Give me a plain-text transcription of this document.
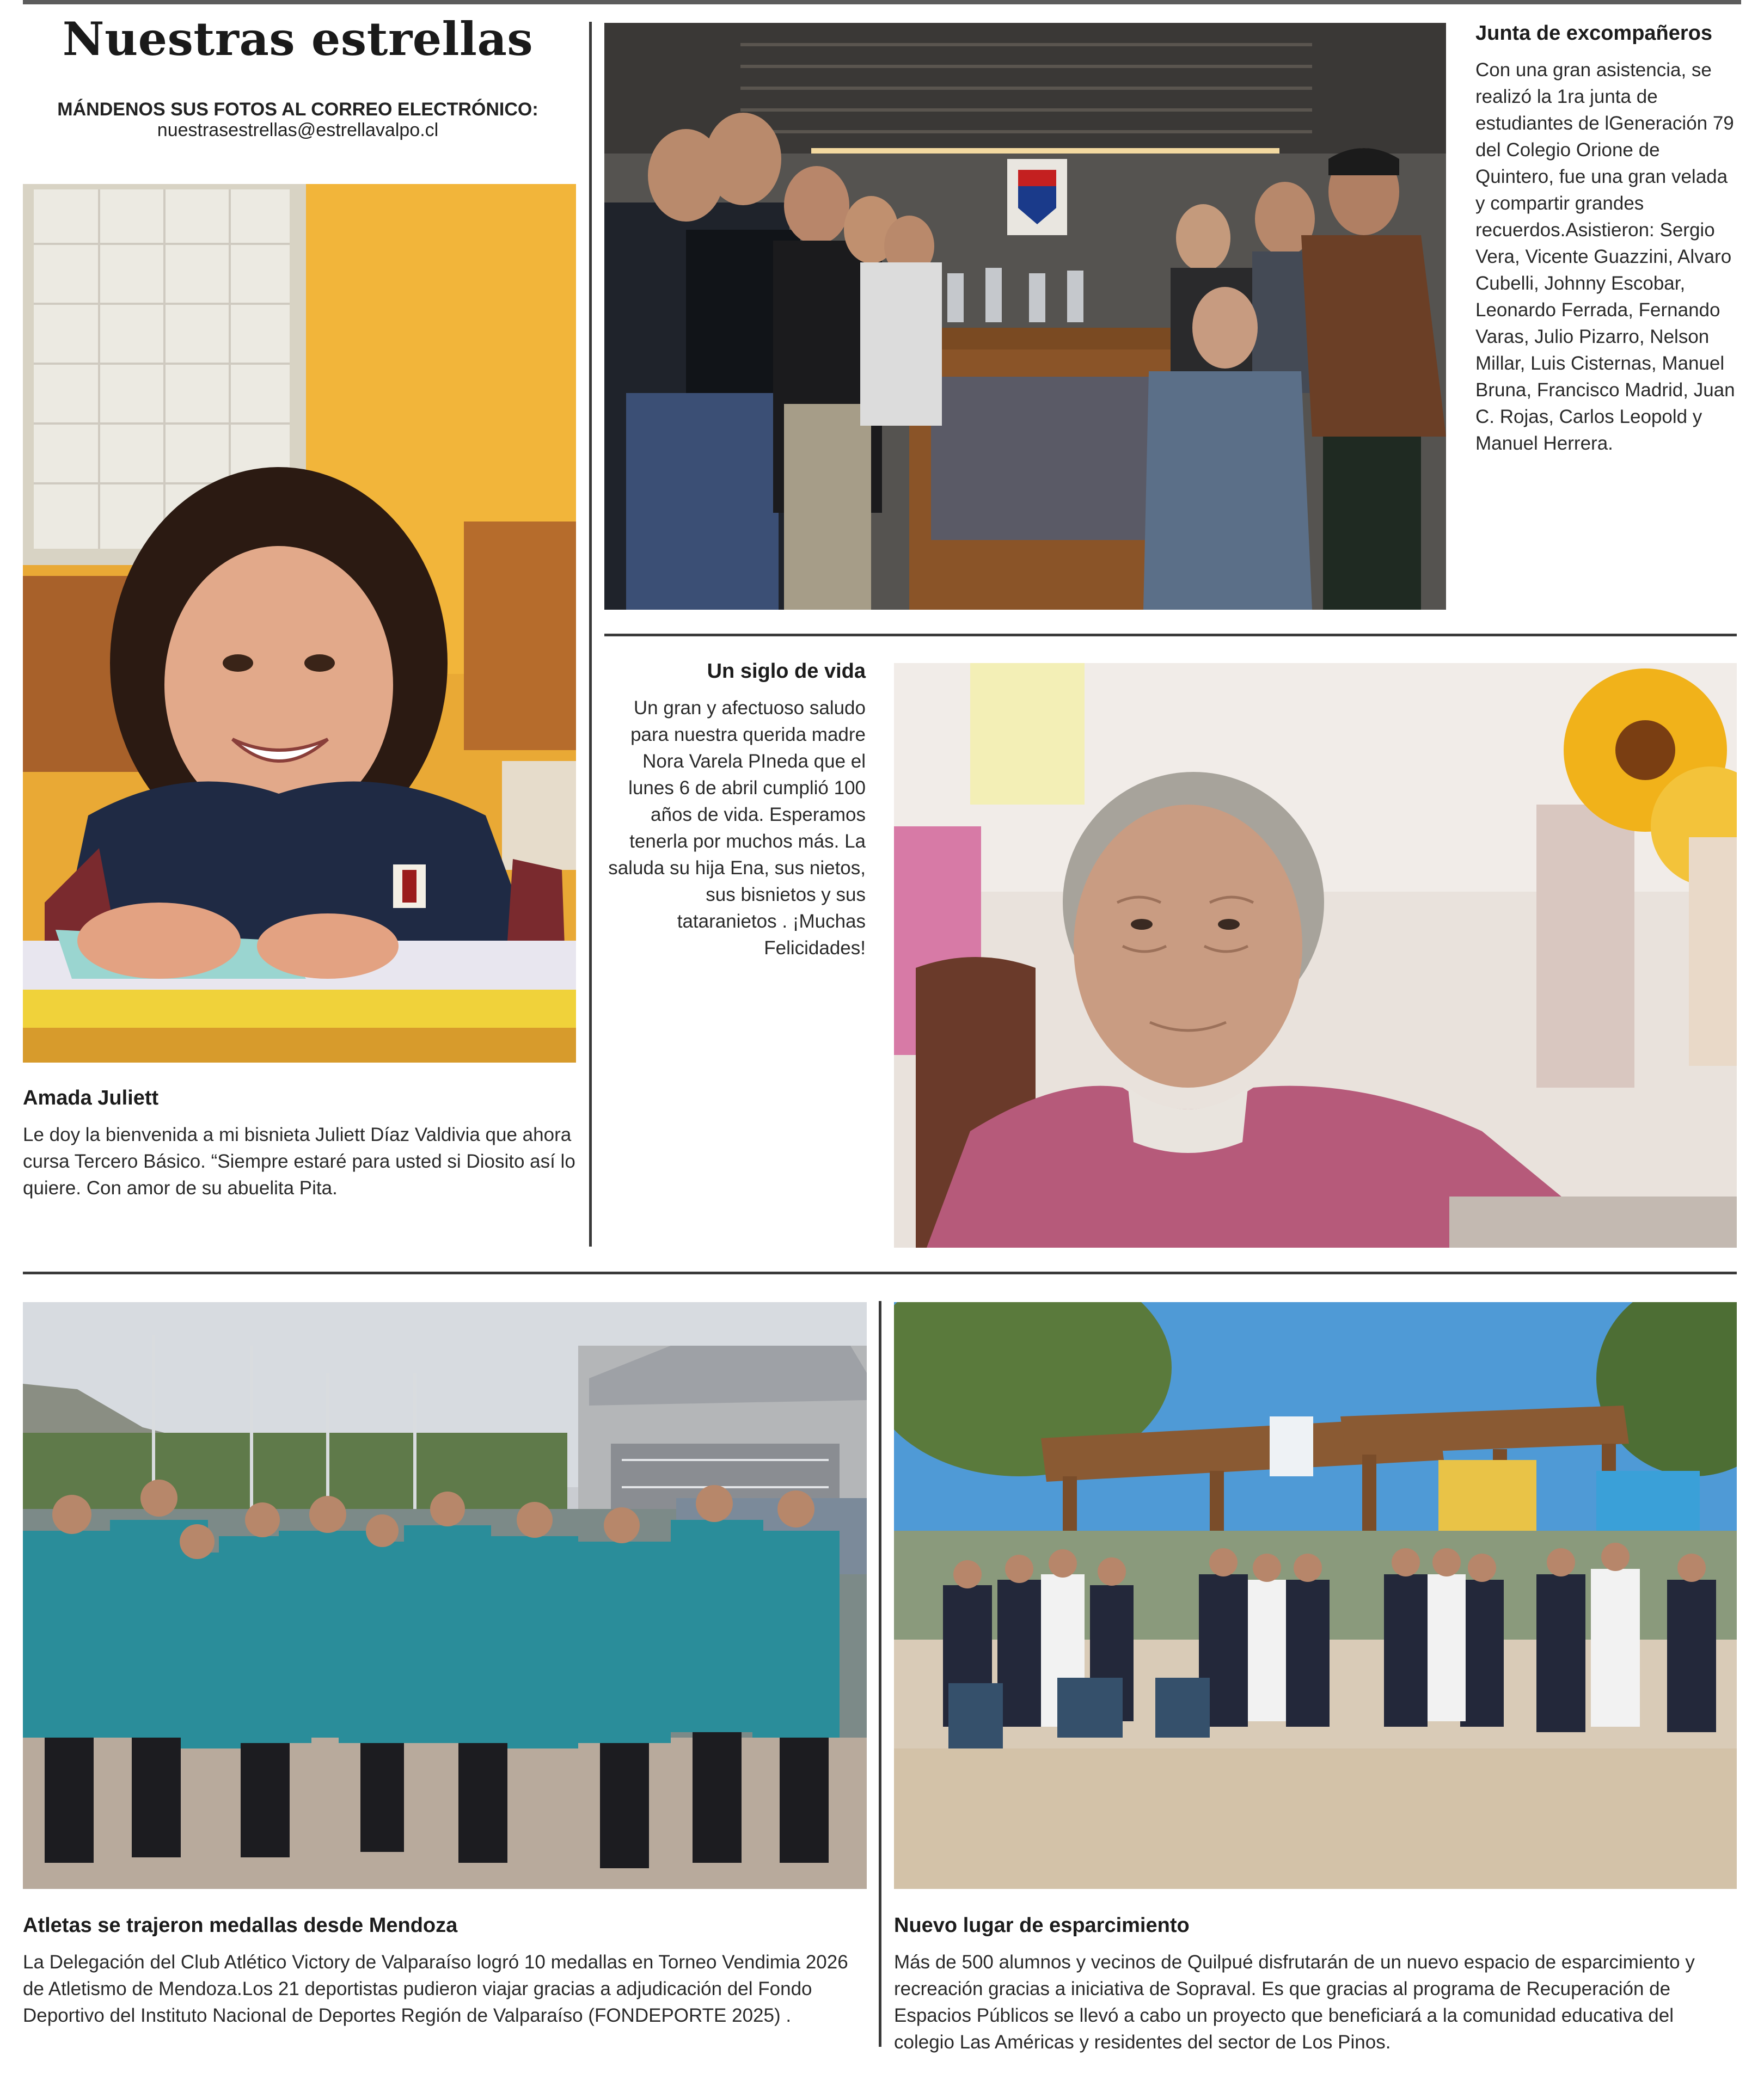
Nuestras estrellas
MÁNDENOS SUS FOTOS AL CORREO ELECTRÓNICO:
nuestrasestrellas@estrellavalpo.cl
Amada Juliett
Le doy la bienvenida a mi bisnieta Juliett Díaz Valdivia que ahora cursa Tercero Básico. “Siempre estaré para usted si Diosito así lo quiere. Con amor de su abuelita Pita.
Junta de excompañeros
Con una gran asistencia, se realizó la 1ra junta de estudiantes de lGeneración 79 del Colegio Orione de Quintero, fue una gran velada y compartir grandes recuerdos.Asistieron: Sergio Vera, Vicente Guazzini, Alvaro Cubelli, Johnny Escobar, Leonardo Ferrada, Fernando Varas, Julio Pizarro, Nelson Millar, Luis Cisternas, Manuel Bruna, Francisco Madrid, Juan C. Rojas, Carlos Leopold y Manuel Herrera.
Un siglo de vida
Un gran y afectuoso saludo para nuestra querida madre Nora Varela PIneda que el lunes 6 de abril cumplió 100 años de vida. Esperamos tenerla por muchos más. La saluda su hija Ena, sus nietos, sus bisnietos y sus tataranietos . ¡Muchas Felicidades!
Atletas se trajeron medallas desde Mendoza
La Delegación del Club Atlético Victory de Valparaíso logró 10 medallas en Torneo Vendimia 2026 de Atletismo de Mendoza.Los 21 deportistas pudieron viajar gracias a adjudicación del Fondo Deportivo del Instituto Nacional de Deportes Región de Valparaíso (FONDEPORTE 2025) .
Nuevo lugar de esparcimiento
Más de 500 alumnos y vecinos de Quilpué disfrutarán de un nuevo espacio de esparcimiento y recreación gracias a iniciativa de Sopraval. Es que gracias al programa de Recuperación de Espacios Públicos se llevó a cabo un proyecto que beneficiará a la comunidad educativa del colegio Las Américas y residentes del sector de Los Pinos.
